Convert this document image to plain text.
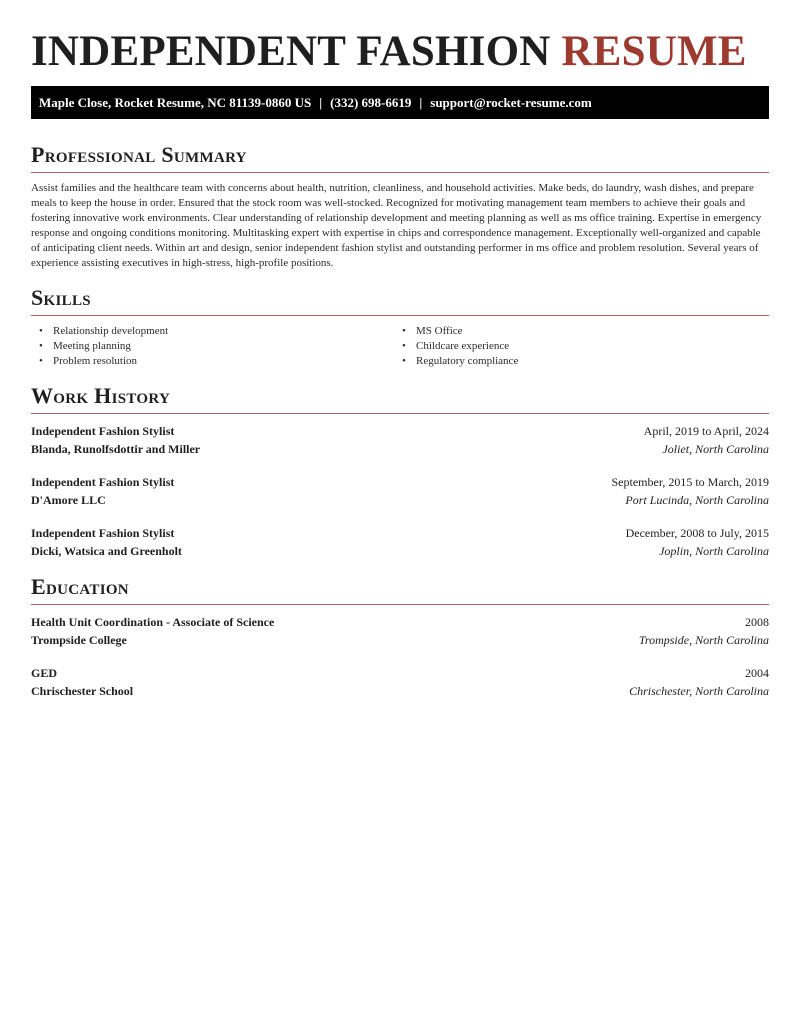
INDEPENDENT FASHION RESUME
Maple Close, Rocket Resume, NC 81139-0860 US | (332) 698-6619 | support@rocket-resume.com
Professional Summary

Assist families and the healthcare team with concerns about health, nutrition, cleanliness, and household activities. Make beds, do laundry, wash dishes, and prepare meals to keep the house in order. Ensured that the stock room was well-stocked. Recognized for motivating management team members to achieve their goals and fostering innovative work environments. Clear understanding of relationship development and meeting planning as well as ms office training. Expertise in emergency response and ongoing conditions monitoring. Multitasking expert with expertise in chips and correspondence management. Exceptionally well-organized and capable of anticipating client needs. Within art and design, senior independent fashion stylist and outstanding performer in ms office and problem resolution. Several years of experience assisting executives in high-stress, high-profile positions.

Skills
• Relationship development
• Meeting planning
• Problem resolution
• MS Office
• Childcare experience
• Regulatory compliance
Work History
Independent Fashion Stylist	April, 2019 to April, 2024
Blanda, Runolfsdottir and Miller	Joliet, North Carolina
Independent Fashion Stylist	September, 2015 to March, 2019
D'Amore LLC	Port Lucinda, North Carolina
Independent Fashion Stylist	December, 2008 to July, 2015
Dicki, Watsica and Greenholt	Joplin, North Carolina
Education
Health Unit Coordination - Associate of Science	2008
Trompside College	Trompside, North Carolina
GED	2004
Chrischester School	Chrischester, North Carolina
